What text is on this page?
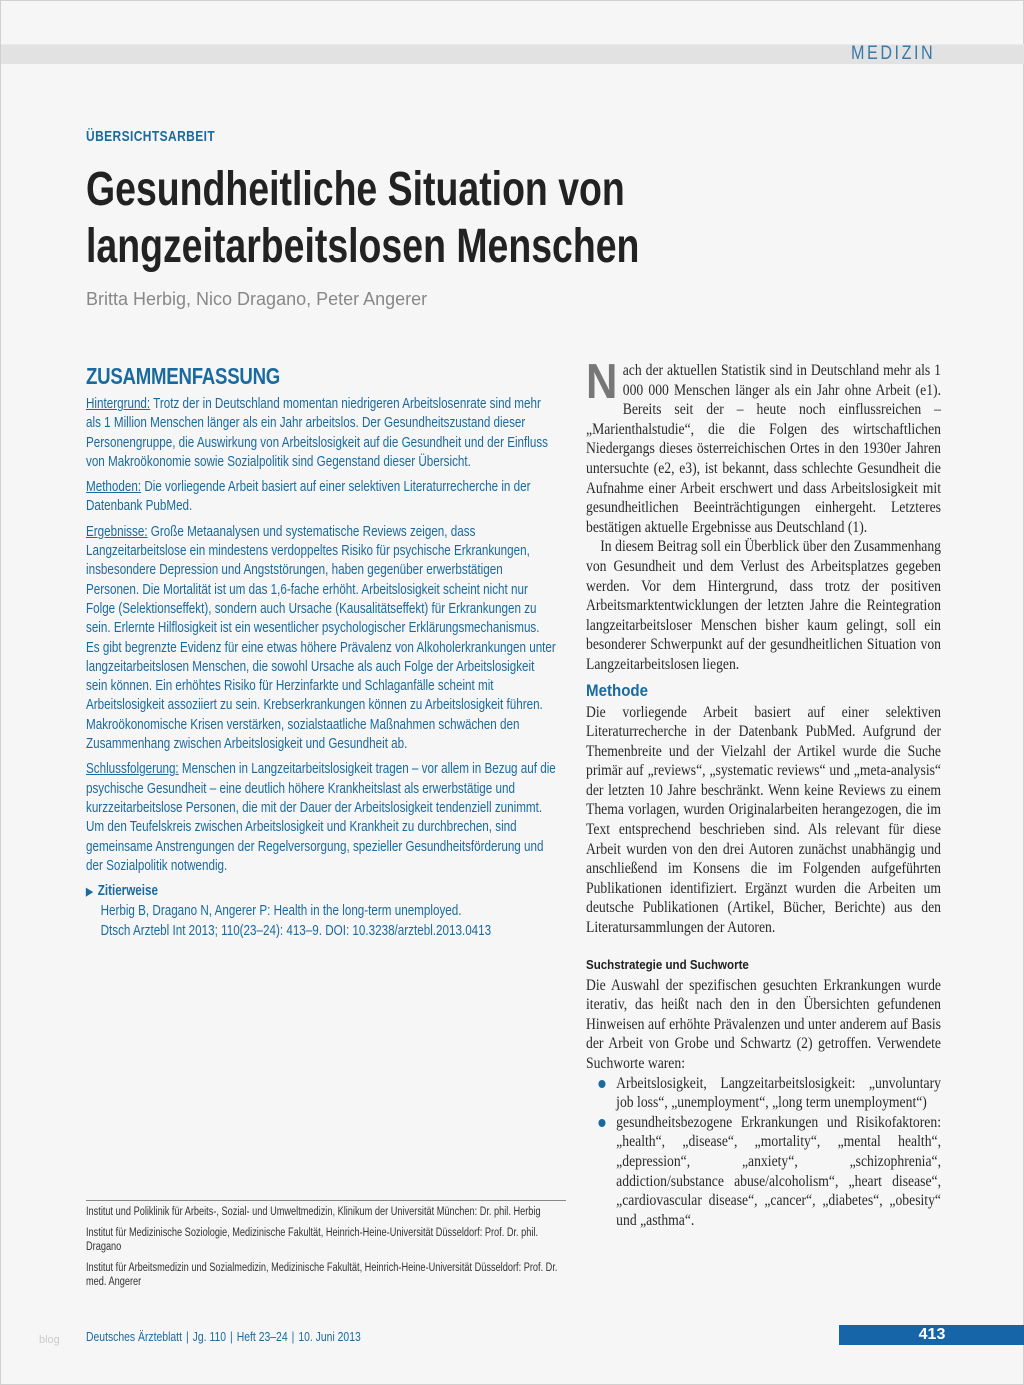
MEDIZIN
ÜBERSICHTSARBEIT
Gesundheitliche Situation von
langzeitarbeitslosen Menschen
Britta Herbig, Nico Dragano, Peter Angerer
ZUSAMMENFASSUNG

Hintergrund: Trotz der in Deutschland momentan niedrigeren Arbeitslosenrate sind mehr als 1 Million Menschen länger als ein Jahr arbeitslos. Der Gesundheitszustand dieser Personengruppe, die Auswirkung von Arbeitslosigkeit auf die Gesundheit und der Einfluss von Makroökonomie sowie Sozialpolitik sind Gegenstand dieser Übersicht.

Methoden: Die vorliegende Arbeit basiert auf einer selektiven Literaturrecherche in der Datenbank PubMed.

Ergebnisse: Große Metaanalysen und systematische Reviews zeigen, dass Langzeitarbeitslose ein mindestens verdoppeltes Risiko für psychische Erkrankungen, insbesondere Depression und Angststörungen, haben gegenüber erwerbstätigen Personen. Die Mortalität ist um das 1,6-fache erhöht. Arbeitslosigkeit scheint nicht nur Folge (Selektionseffekt), sondern auch Ursache (Kausalitätseffekt) für Erkrankungen zu sein. Erlernte Hilflosigkeit ist ein wesentlicher psychologischer Erklärungsmechanismus. Es gibt begrenzte Evidenz für eine etwas höhere Prävalenz von Alkoholerkrankungen unter langzeitarbeitslosen Menschen, die sowohl Ursache als auch Folge der Arbeitslosigkeit sein können. Ein erhöhtes Risiko für Herzinfarkte und Schlaganfälle scheint mit Arbeitslosigkeit assoziiert zu sein. Krebserkrankungen können zu Arbeitslosigkeit führen. Makroökonomische Krisen verstärken, sozialstaatliche Maßnahmen schwächen den Zusammenhang zwischen Arbeitslosigkeit und Gesundheit ab.

Schlussfolgerung: Menschen in Langzeitarbeitslosigkeit tragen – vor allem in Bezug auf die psychische Gesundheit – eine deutlich höhere Krankheitslast als erwerbstätige und kurzzeitarbeitslose Personen, die mit der Dauer der Arbeitslosigkeit tendenziell zunimmt. Um den Teufelskreis zwischen Arbeitslosigkeit und Krankheit zu durchbrechen, sind gemeinsame Anstrengungen der Regelversorgung, spezieller Gesundheitsförderung und der Sozialpolitik notwendig.

▶ Zitierweise
Herbig B, Dragano N, Angerer P: Health in the long-term unemployed.
Dtsch Arztebl Int 2013; 110(23–24): 413–9. DOI: 10.3238/arztebl.2013.0413

Nach der aktuellen Statistik sind in Deutschland mehr als 1 000 000 Menschen länger als ein Jahr ohne Arbeit (e1). Bereits seit der – heute noch einflussreichen – „Marienthalstudie“, die die Folgen des wirtschaftlichen Niedergangs dieses österreichischen Ortes in den 1930er Jahren untersuchte (e2, e3), ist bekannt, dass schlechte Gesundheit die Aufnahme einer Arbeit erschwert und dass Arbeitslosigkeit mit gesundheitlichen Beeinträchtigungen einhergeht. Letzteres bestätigen aktuelle Ergebnisse aus Deutschland (1).

In diesem Beitrag soll ein Überblick über den Zusammenhang von Gesundheit und dem Verlust des Arbeitsplatzes gegeben werden. Vor dem Hintergrund, dass trotz der positiven Arbeitsmarktentwicklungen der letzten Jahre die Reintegration langzeitarbeitsloser Menschen bisher kaum gelingt, soll ein besonderer Schwerpunkt auf der gesundheitlichen Situation von Langzeitarbeitslosen liegen.

Methode

Die vorliegende Arbeit basiert auf einer selektiven Literaturrecherche in der Datenbank PubMed. Aufgrund der Themenbreite und der Vielzahl der Artikel wurde die Suche primär auf „reviews“, „systematic reviews“ und „meta-analysis“ der letzten 10 Jahre beschränkt. Wenn keine Reviews zu einem Thema vorlagen, wurden Originalarbeiten herangezogen, die im Text entsprechend beschrieben sind. Als relevant für diese Arbeit wurden von den drei Autoren zunächst unabhängig und anschließend im Konsens die im Folgenden aufgeführten Publikationen identifiziert. Ergänzt wurden die Arbeiten um deutsche Publikationen (Artikel, Bücher, Berichte) aus den Literatursammlungen der Autoren.

Suchstrategie und Suchworte

Die Auswahl der spezifischen gesuchten Erkrankungen wurde iterativ, das heißt nach den in den Übersichten gefundenen Hinweisen auf erhöhte Prävalenzen und unter anderem auf Basis der Arbeit von Grobe und Schwartz (2) getroffen. Verwendete Suchworte waren:

Arbeitslosigkeit, Langzeitarbeitslosigkeit: „unvoluntary job loss“, „unemployment“, „long term unemployment“)
gesundheitsbezogene Erkrankungen und Risikofaktoren: „health“, „disease“, „mortality“, „mental health“, „depression“, „anxiety“, „schizophrenia“, addiction/substance abuse/alcoholism“, „heart disease“, „cardiovascular disease“, „cancer“, „diabetes“, „obesity“ und „asthma“.

Institut und Poliklinik für Arbeits-, Sozial- und Umweltmedizin, Klinikum der Universität München: Dr. phil. Herbig

Institut für Medizinische Soziologie, Medizinische Fakultät, Heinrich-Heine-Universität Düsseldorf: Prof. Dr. phil. Dragano

Institut für Arbeitsmedizin und Sozialmedizin, Medizinische Fakultät, Heinrich-Heine-Universität Düsseldorf: Prof. Dr. med. Angerer

blog Deutsches Ärzteblatt | Jg. 110 | Heft 23–24 | 10. Juni 2013	413
